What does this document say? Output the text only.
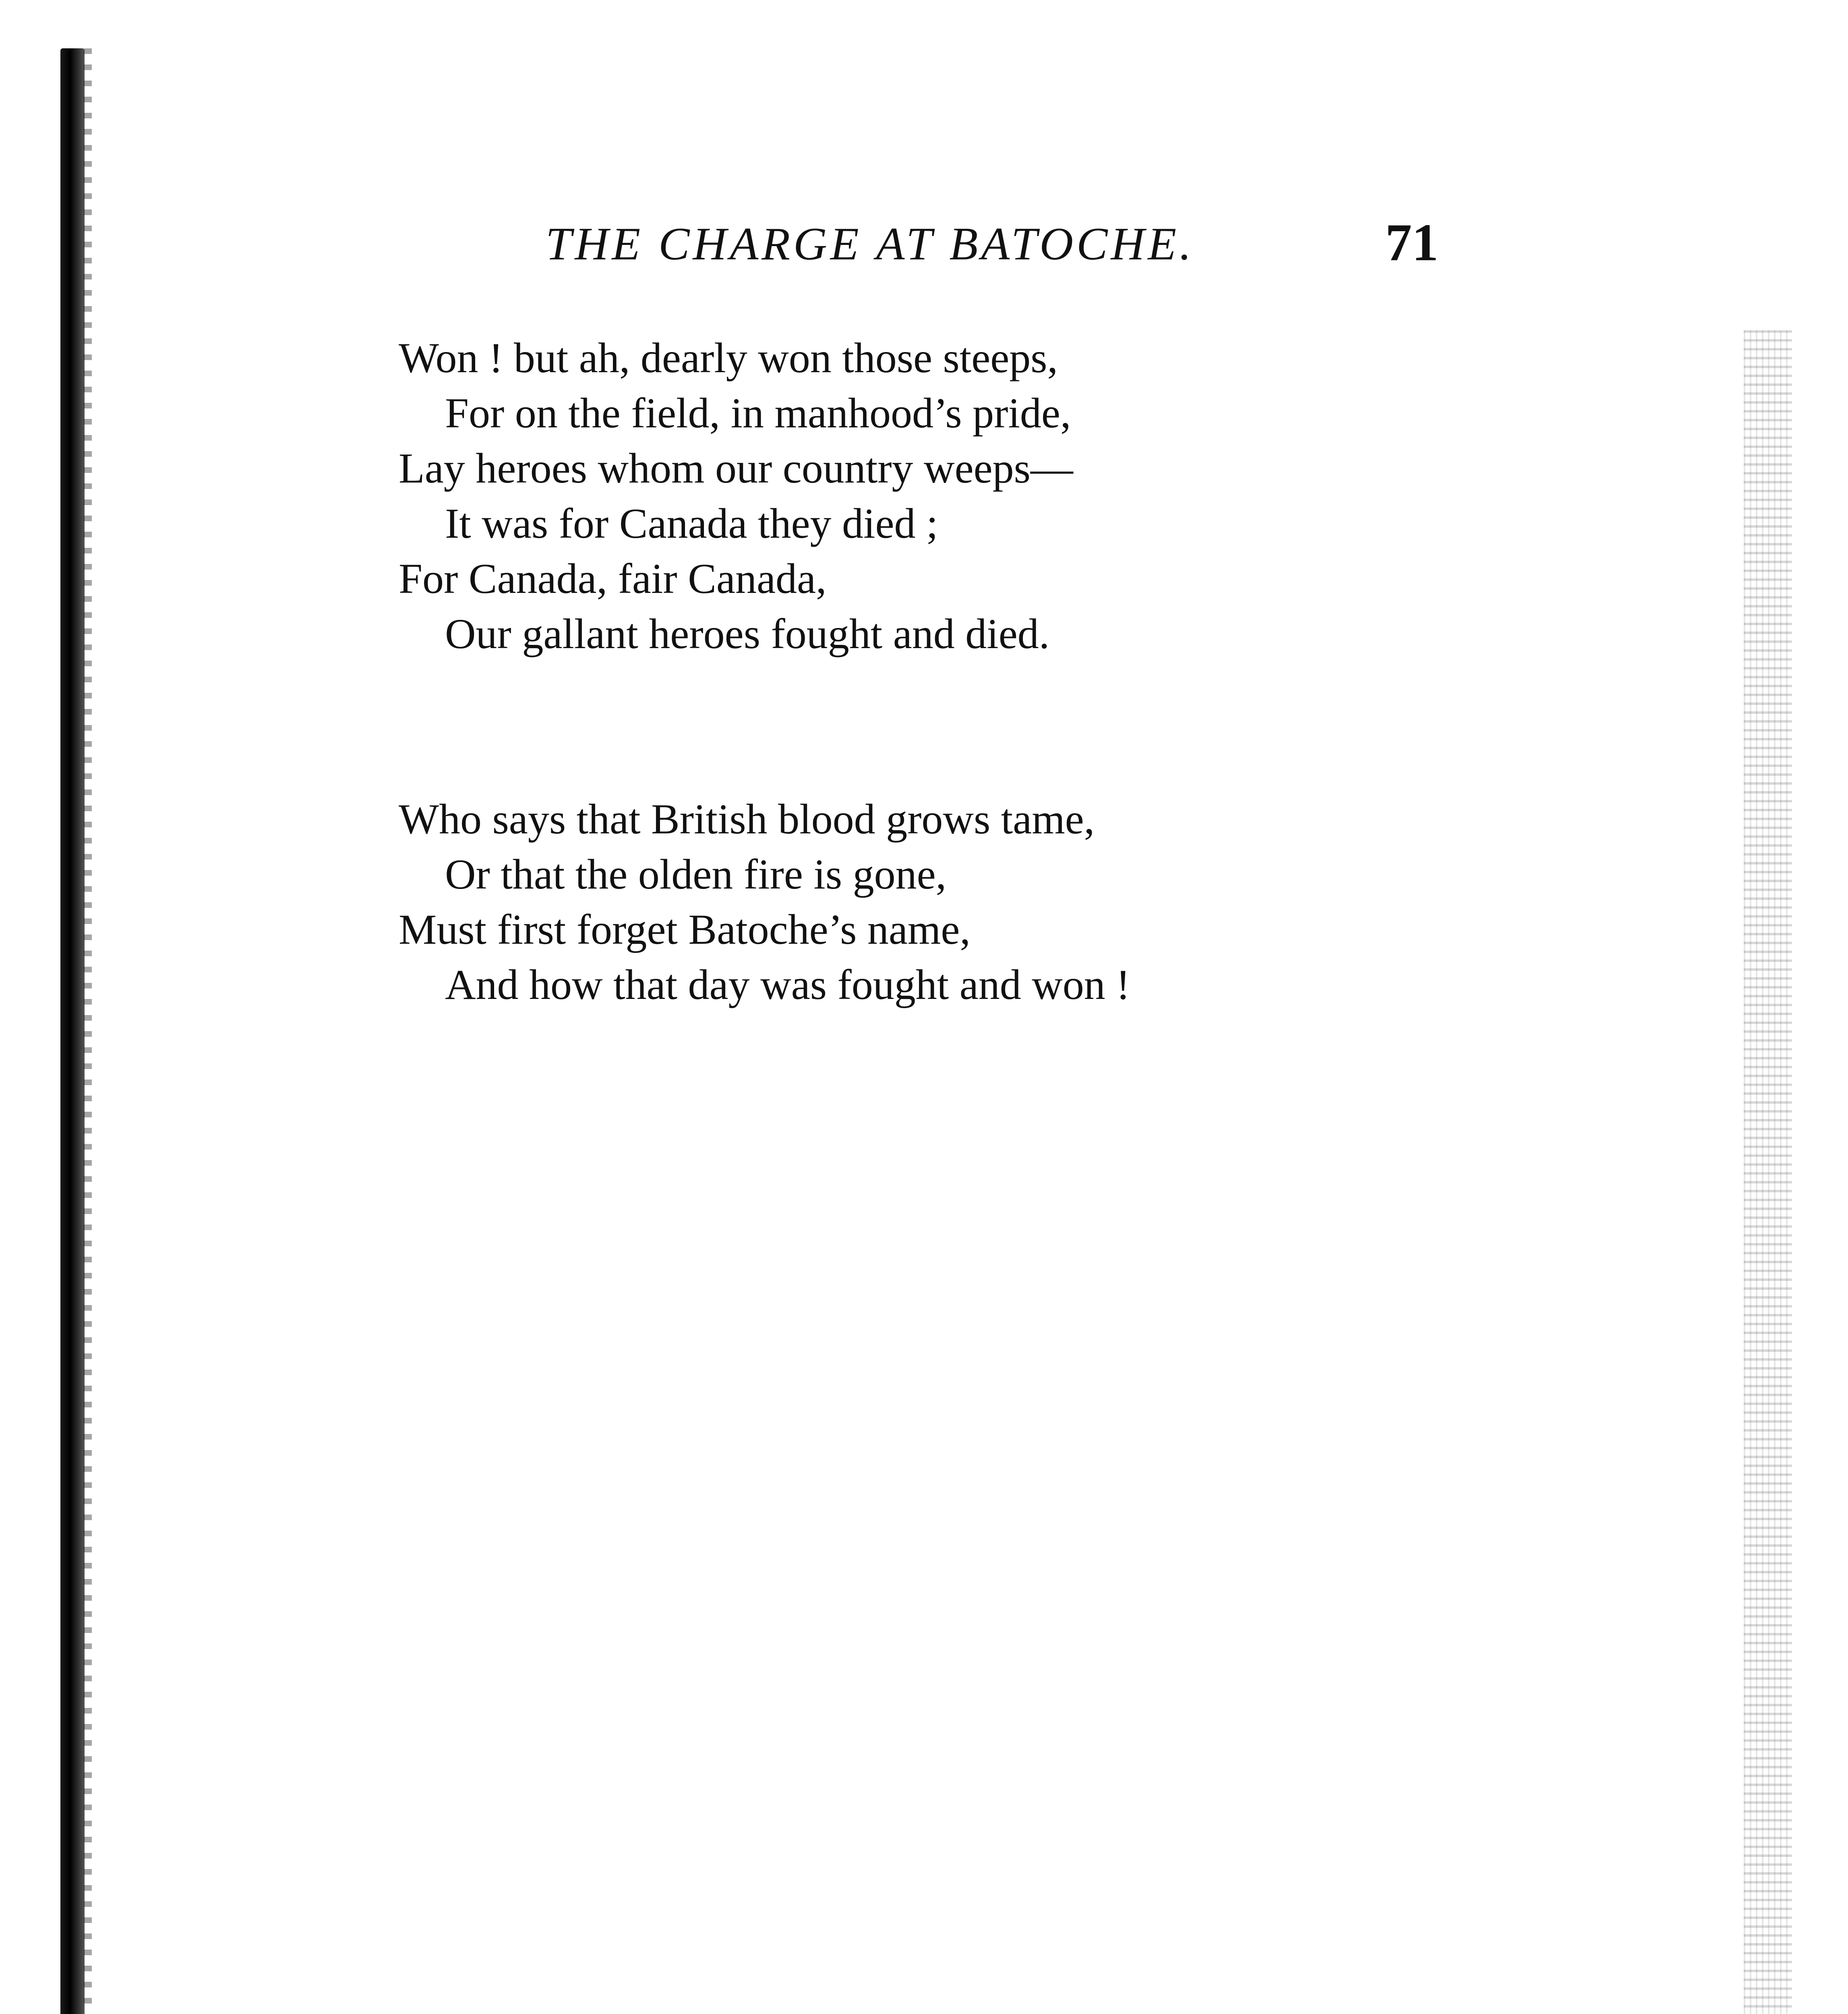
THE CHARGE AT BATOCHE.	71
Won ! but ah, dearly won those steeps,
For on the field, in manhood’s pride,
Lay heroes whom our country weeps—
It was for Canada they died ;
For Canada, fair Canada,
Our gallant heroes fought and died.
Who says that British blood grows tame,
Or that the olden fire is gone,
Must first forget Batoche’s name,
And how that day was fought and won !
